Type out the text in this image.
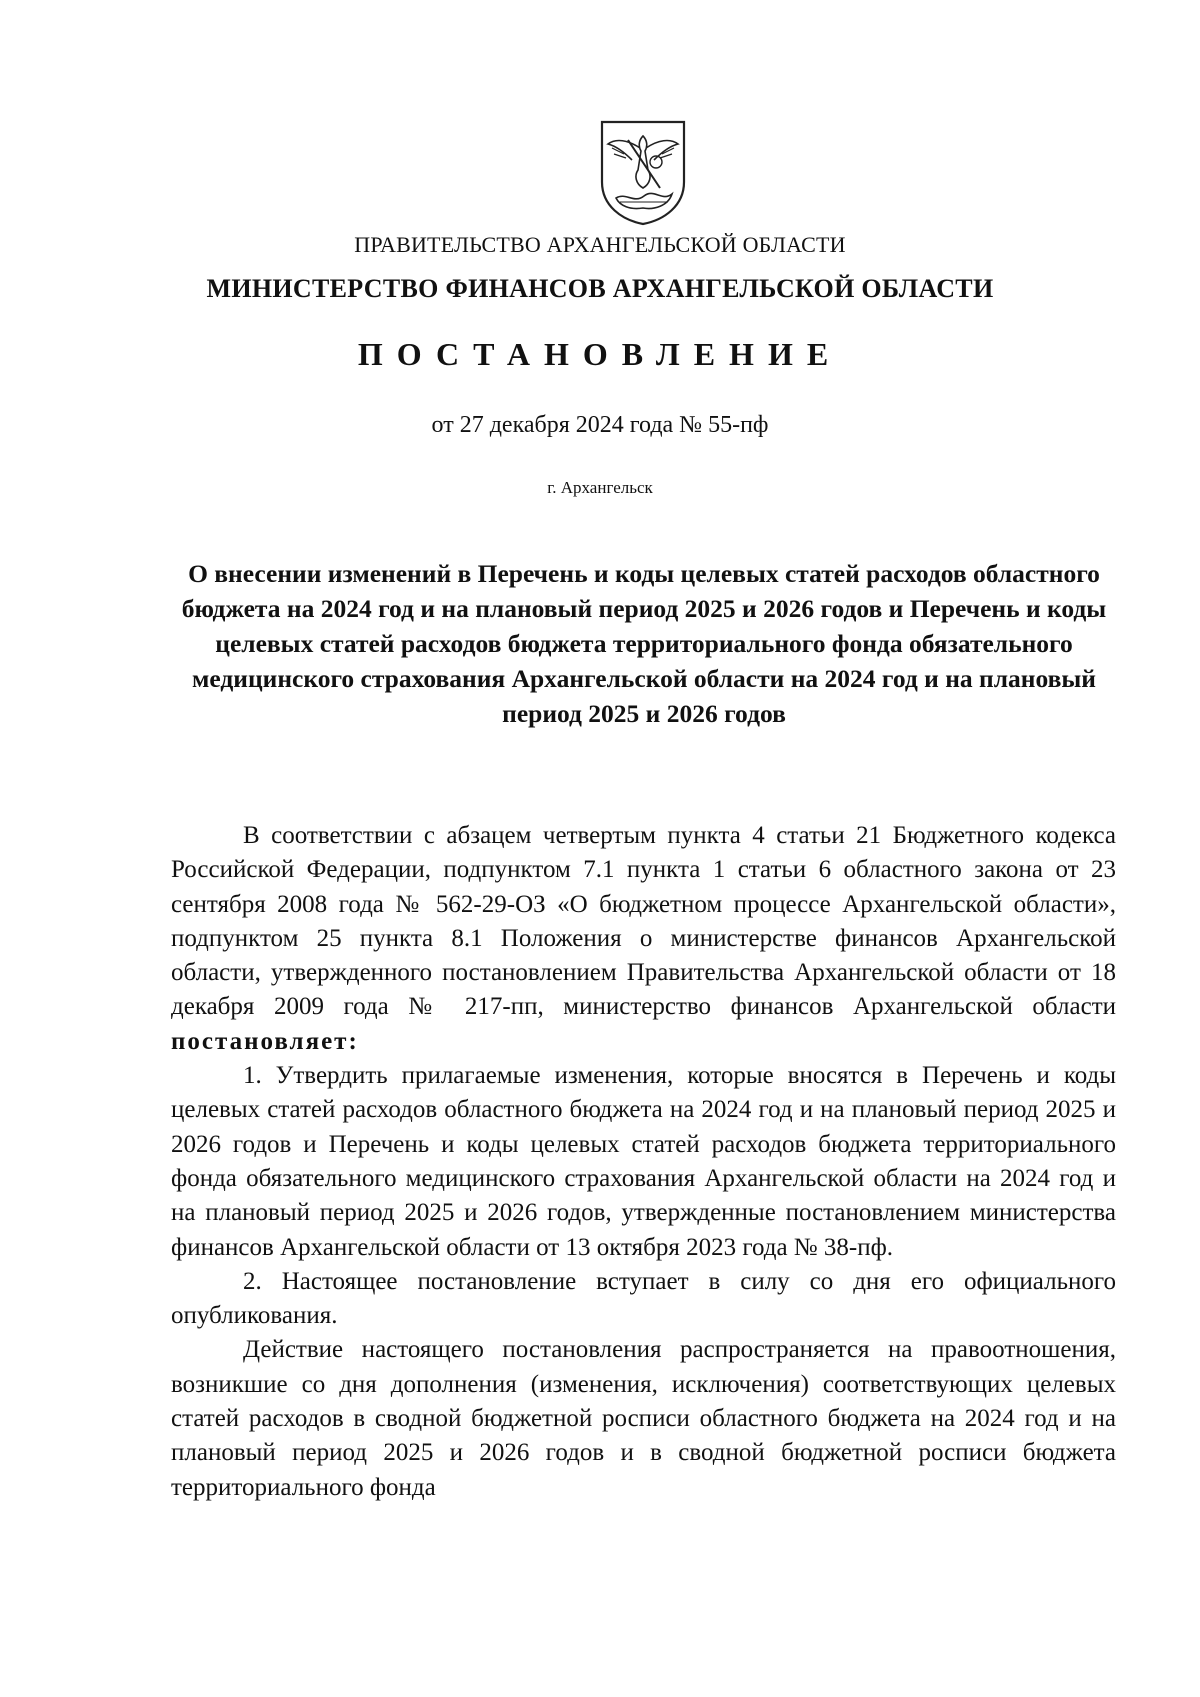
ПРАВИТЕЛЬСТВО АРХАНГЕЛЬСКОЙ ОБЛАСТИ
МИНИСТЕРСТВО ФИНАНСОВ АРХАНГЕЛЬСКОЙ ОБЛАСТИ
ПОСТАНОВЛЕНИЕ
от 27 декабря 2024 года № 55-пф
г. Архангельск
О внесении изменений в Перечень и коды целевых статей расходов областного бюджета на 2024 год и на плановый период 2025 и 2026 годов и Перечень и коды целевых статей расходов бюджета территориального фонда обязательного медицинского страхования Архангельской области на 2024 год и на плановый период 2025 и 2026 годов

В соответствии с абзацем четвертым пункта 4 статьи 21 Бюджетного кодекса Российской Федерации, подпунктом 7.1 пункта 1 статьи 6 областного закона от 23 сентября 2008 года № 562-29-ОЗ «О бюджетном процессе Архангельской области», подпунктом 25 пункта 8.1 Положения о министерстве финансов Архангельской области, утвержденного постановлением Правительства Архангельской области от 18 декабря 2009 года № 217-пп, министерство финансов Архангельской области постановляет:

1. Утвердить прилагаемые изменения, которые вносятся в Перечень и коды целевых статей расходов областного бюджета на 2024 год и на плановый период 2025 и 2026 годов и Перечень и коды целевых статей расходов бюджета территориального фонда обязательного медицинского страхования Архангельской области на 2024 год и на плановый период 2025 и 2026 годов, утвержденные постановлением министерства финансов Архангельской области от 13 октября 2023 года № 38-пф.

2. Настоящее постановление вступает в силу со дня его официального опубликования.

Действие настоящего постановления распространяется на правоотношения, возникшие со дня дополнения (изменения, исключения) соответствующих целевых статей расходов в сводной бюджетной росписи областного бюджета на 2024 год и на плановый период 2025 и 2026 годов и в сводной бюджетной росписи бюджета территориального фонда
